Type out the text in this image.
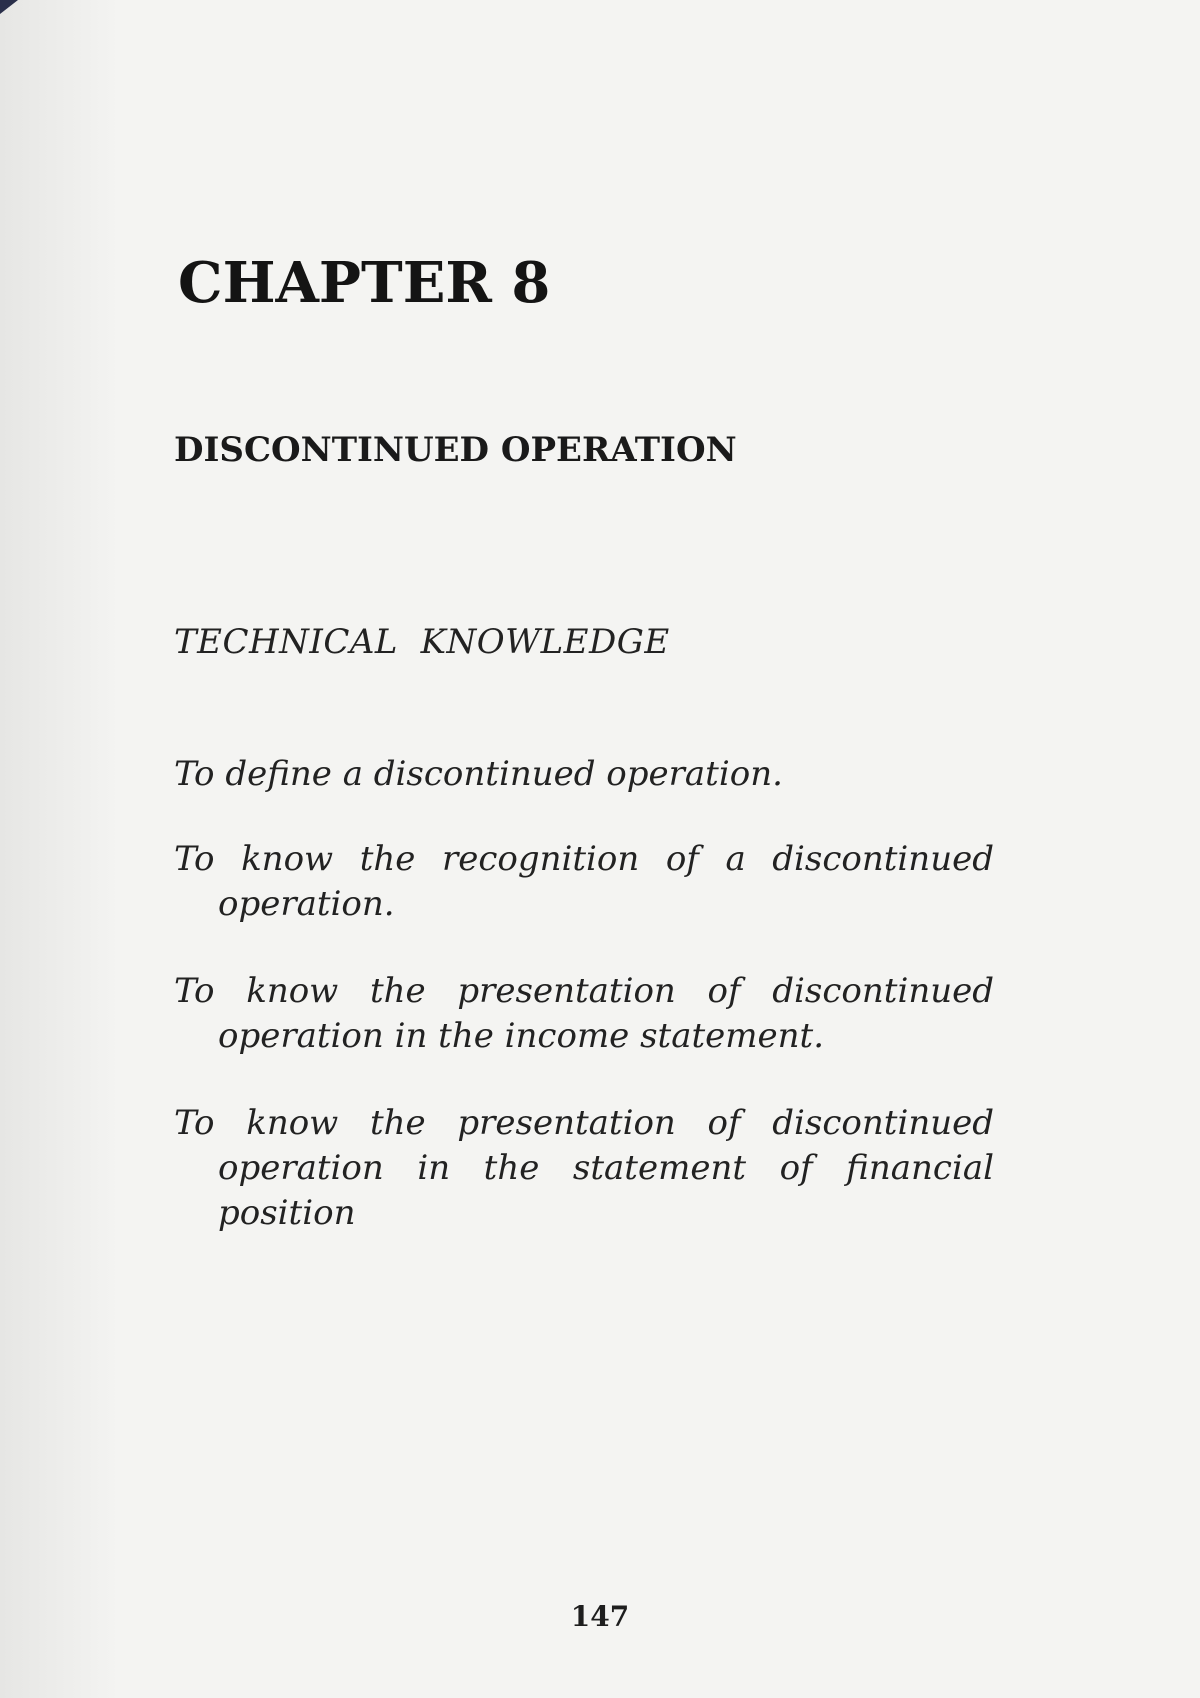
CHAPTER 8
DISCONTINUED OPERATION
TECHNICAL  KNOWLEDGE
To define a discontinued operation.
To know the recognition of a discontinued operation.
To know the presentation of discontinued operation in the income statement.
To know the presentation of discontinued operation in the statement of financial position

147
